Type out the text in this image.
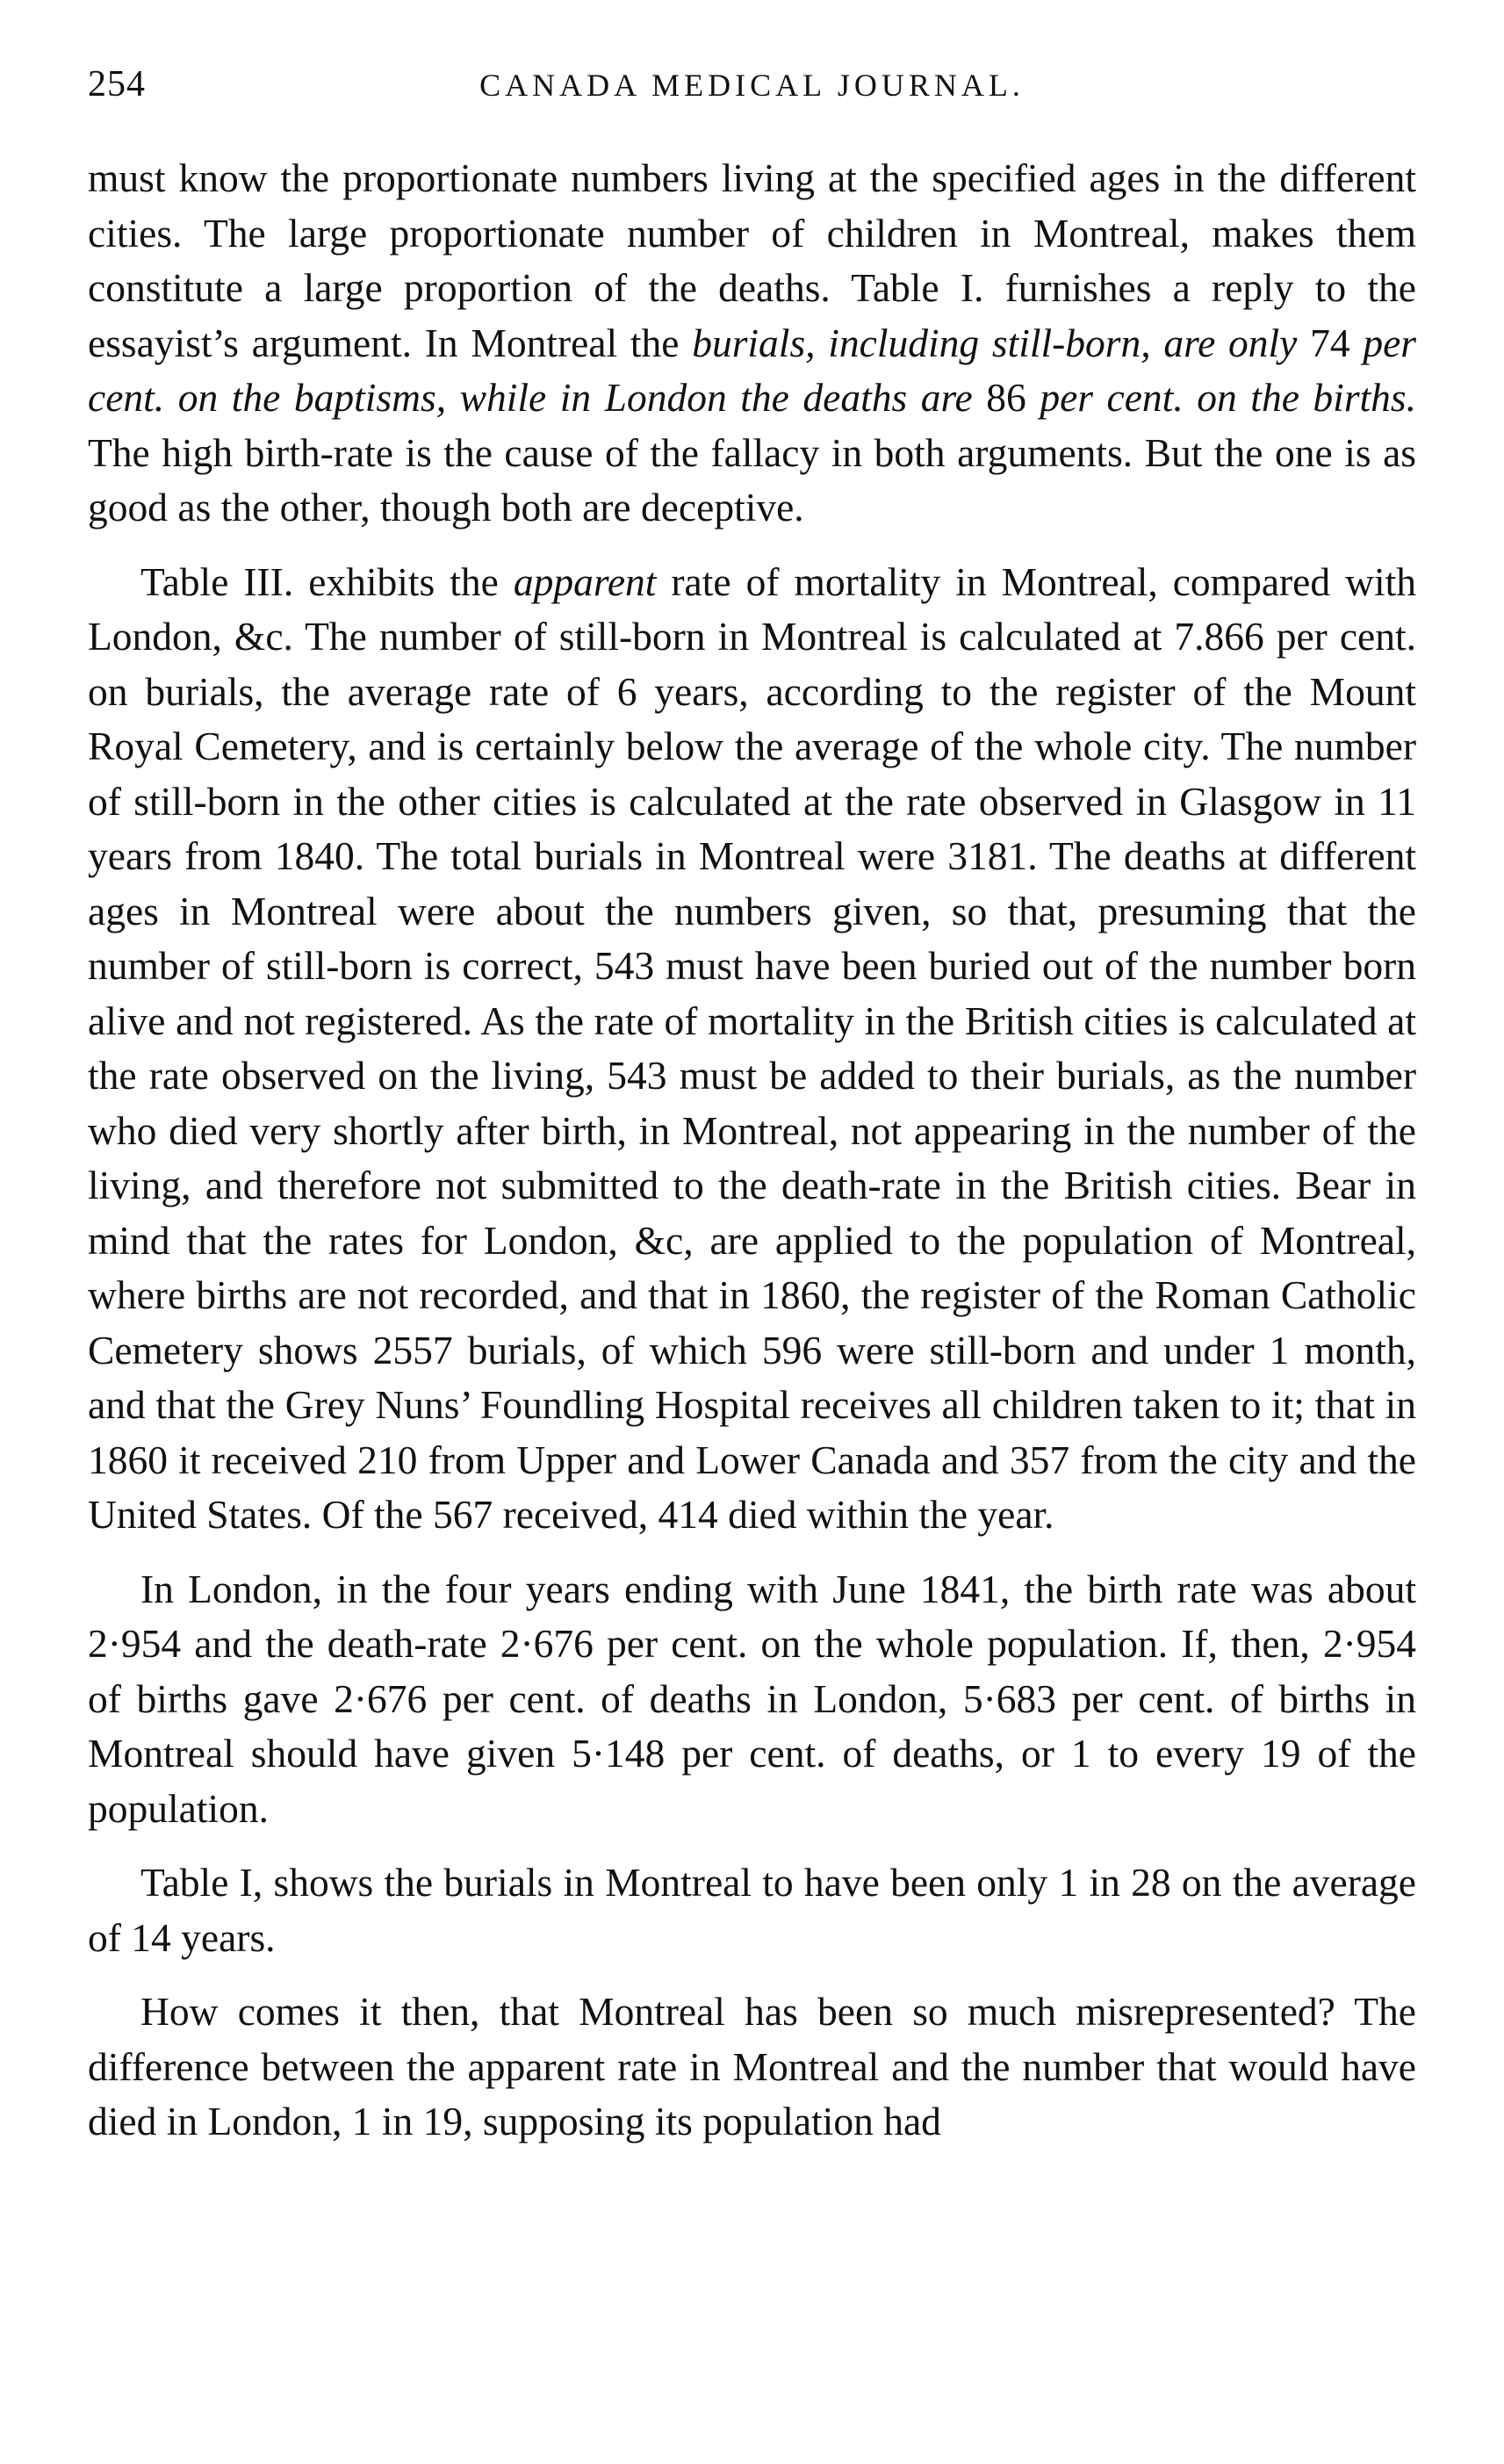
254	CANADA MEDICAL JOURNAL.

must know the proportionate numbers living at the specified ages in the different cities. The large proportionate number of children in Montreal, makes them constitute a large proportion of the deaths. Table I. furnishes a reply to the essayist’s argument. In Montreal the burials, including still-born, are only 74 per cent. on the baptisms, while in London the deaths are 86 per cent. on the births. The high birth-rate is the cause of the fallacy in both arguments. But the one is as good as the other, though both are deceptive.

Table III. exhibits the apparent rate of mortality in Montreal, compared with London, &c. The number of still-born in Montreal is calculated at 7.866 per cent. on burials, the average rate of 6 years, according to the register of the Mount Royal Cemetery, and is certainly below the average of the whole city. The number of still-born in the other cities is calculated at the rate observed in Glasgow in 11 years from 1840. The total burials in Montreal were 3181. The deaths at different ages in Montreal were about the numbers given, so that, presuming that the number of still-born is correct, 543 must have been buried out of the number born alive and not registered. As the rate of mortality in the British cities is calculated at the rate observed on the living, 543 must be added to their burials, as the number who died very shortly after birth, in Montreal, not appearing in the number of the living, and therefore not submitted to the death-rate in the British cities. Bear in mind that the rates for London, &c, are applied to the population of Montreal, where births are not recorded, and that in 1860, the register of the Roman Catholic Cemetery shows 2557 burials, of which 596 were still-born and under 1 month, and that the Grey Nuns’ Foundling Hospital receives all children taken to it; that in 1860 it received 210 from Upper and Lower Canada and 357 from the city and the United States. Of the 567 received, 414 died within the year.

In London, in the four years ending with June 1841, the birth rate was about 2·954 and the death-rate 2·676 per cent. on the whole population. If, then, 2·954 of births gave 2·676 per cent. of deaths in London, 5·683 per cent. of births in Montreal should have given 5·148 per cent. of deaths, or 1 to every 19 of the population.

Table I, shows the burials in Montreal to have been only 1 in 28 on the average of 14 years.

How comes it then, that Montreal has been so much misrepresented? The difference between the apparent rate in Montreal and the number that would have died in London, 1 in 19, supposing its population had
